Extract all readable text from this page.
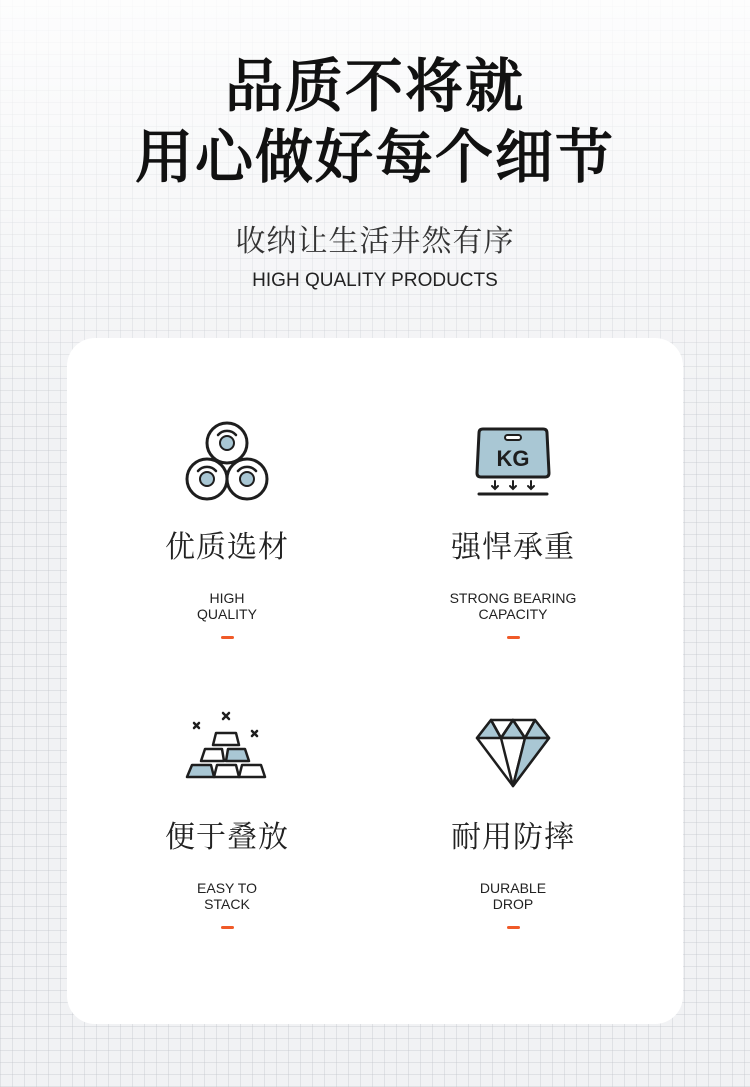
品质不将就
用心做好每个细节
收纳让生活井然有序
HIGH QUALITY PRODUCTS
优质选材
HIGH
QUALITY
KG
强悍承重
STRONG BEARING
CAPACITY
便于叠放
EASY TO
STACK
耐用防摔
DURABLE
DROP
